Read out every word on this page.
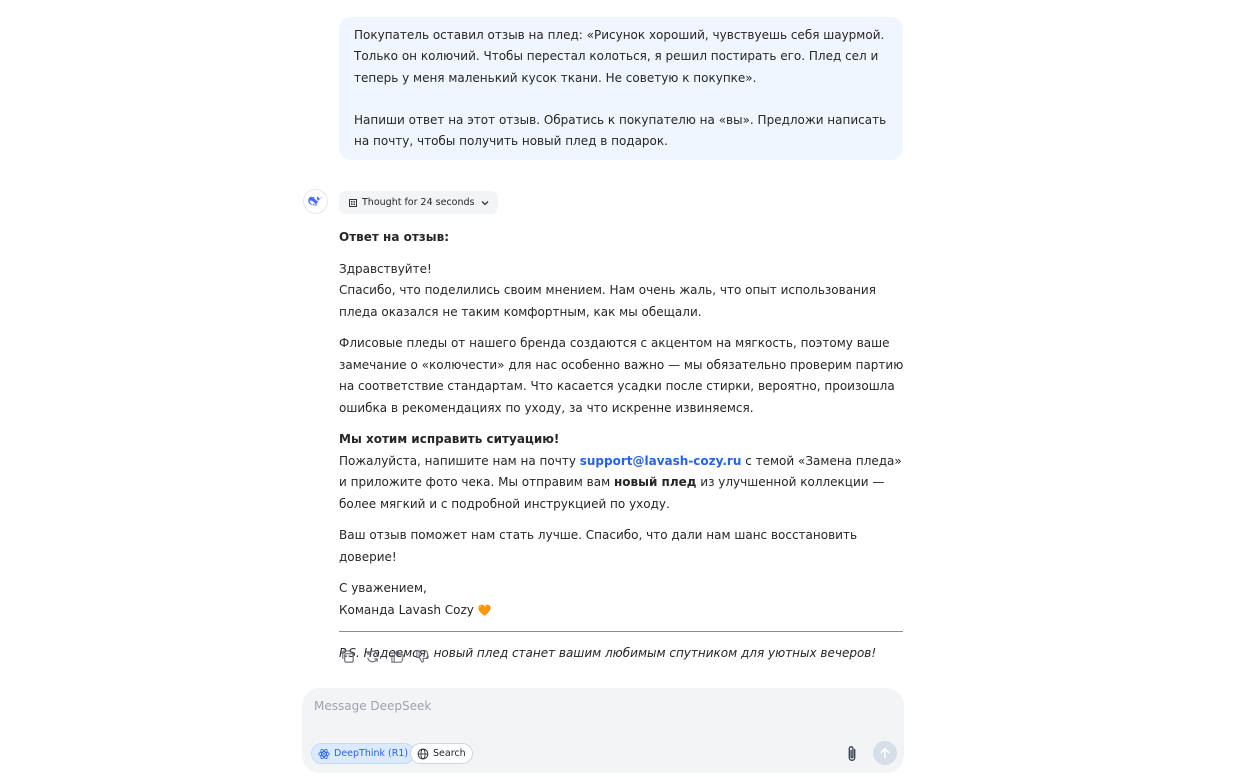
Покупатель оставил отзыв на плед: «Рисунок хороший, чувствуешь себя шаурмой. Только он колючий. Чтобы перестал колоться, я решил постирать его. Плед сел и теперь у меня маленький кусок ткани. Не советую к покупке».

Напиши ответ на этот отзыв. Обратись к покупателю на «вы». Предложи написать на почту, чтобы получить новый плед в подарок.

Thought for 24 seconds

Ответ на отзыв:

Здравствуйте!
Спасибо, что поделились своим мнением. Нам очень жаль, что опыт использования пледа оказался не таким комфортным, как мы обещали.

Флисовые пледы от нашего бренда создаются с акцентом на мягкость, поэтому ваше замечание о «колючести» для нас особенно важно — мы обязательно проверим партию на соответствие стандартам. Что касается усадки после стирки, вероятно, произошла ошибка в рекомендациях по уходу, за что искренне извиняемся.

Мы хотим исправить ситуацию!
Пожалуйста, напишите нам на почту support@lavash-cozy.ru с темой «Замена пледа» и приложите фото чека. Мы отправим вам новый плед из улучшенной коллекции — более мягкий и с подробной инструкцией по уходу.

Ваш отзыв поможет нам стать лучше. Спасибо, что дали нам шанс восстановить доверие!

С уважением,
Команда Lavash Cozy 🧡

P.S. Надеемся, новый плед станет вашим любимым спутником для уютных вечеров!

Message DeepSeek
DeepThink (R1)	Search
